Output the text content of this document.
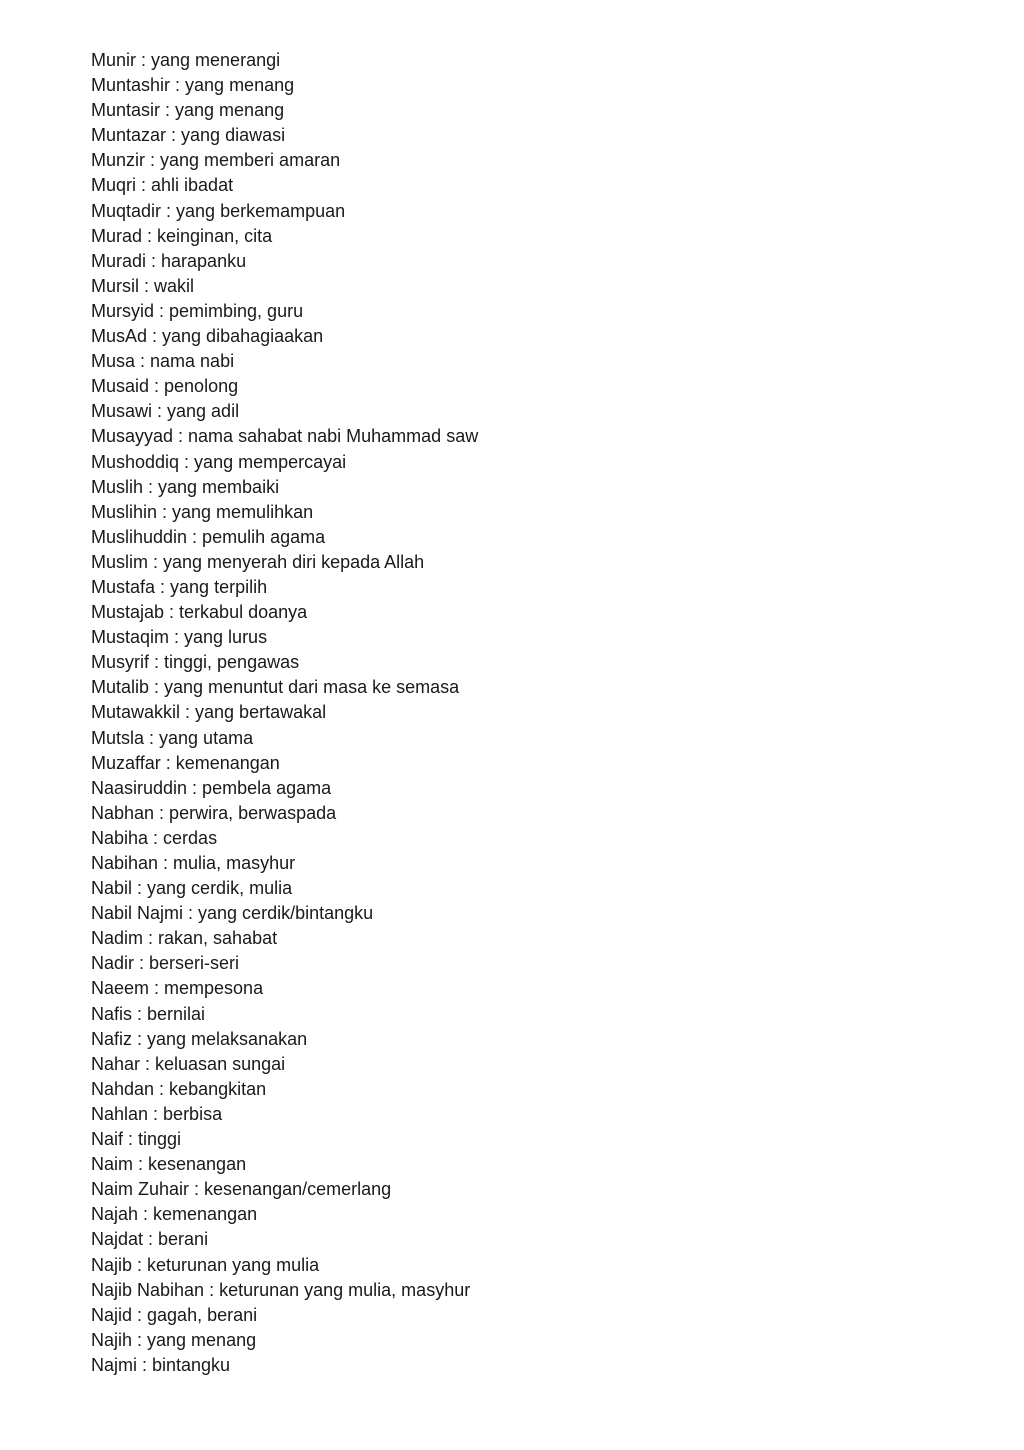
Munir : yang menerangi
Muntashir : yang menang
Muntasir : yang menang
Muntazar : yang diawasi
Munzir : yang memberi amaran
Muqri : ahli ibadat
Muqtadir : yang berkemampuan
Murad : keinginan, cita
Muradi : harapanku
Mursil : wakil
Mursyid : pemimbing, guru
MusAd : yang dibahagiaakan
Musa : nama nabi
Musaid : penolong
Musawi : yang adil
Musayyad : nama sahabat nabi Muhammad saw
Mushoddiq : yang mempercayai
Muslih : yang membaiki
Muslihin : yang memulihkan
Muslihuddin : pemulih agama
Muslim : yang menyerah diri kepada Allah
Mustafa : yang terpilih
Mustajab : terkabul doanya
Mustaqim : yang lurus
Musyrif : tinggi, pengawas
Mutalib : yang menuntut dari masa ke semasa
Mutawakkil : yang bertawakal
Mutsla : yang utama
Muzaffar : kemenangan
Naasiruddin : pembela agama
Nabhan : perwira, berwaspada
Nabiha : cerdas
Nabihan : mulia, masyhur
Nabil : yang cerdik, mulia
Nabil Najmi : yang cerdik/bintangku
Nadim : rakan, sahabat
Nadir : berseri-seri
Naeem : mempesona
Nafis : bernilai
Nafiz : yang melaksanakan
Nahar : keluasan sungai
Nahdan : kebangkitan
Nahlan : berbisa
Naif : tinggi
Naim : kesenangan
Naim Zuhair : kesenangan/cemerlang
Najah : kemenangan
Najdat : berani
Najib : keturunan yang mulia
Najib Nabihan : keturunan yang mulia, masyhur
Najid : gagah, berani
Najih : yang menang
Najmi : bintangku
